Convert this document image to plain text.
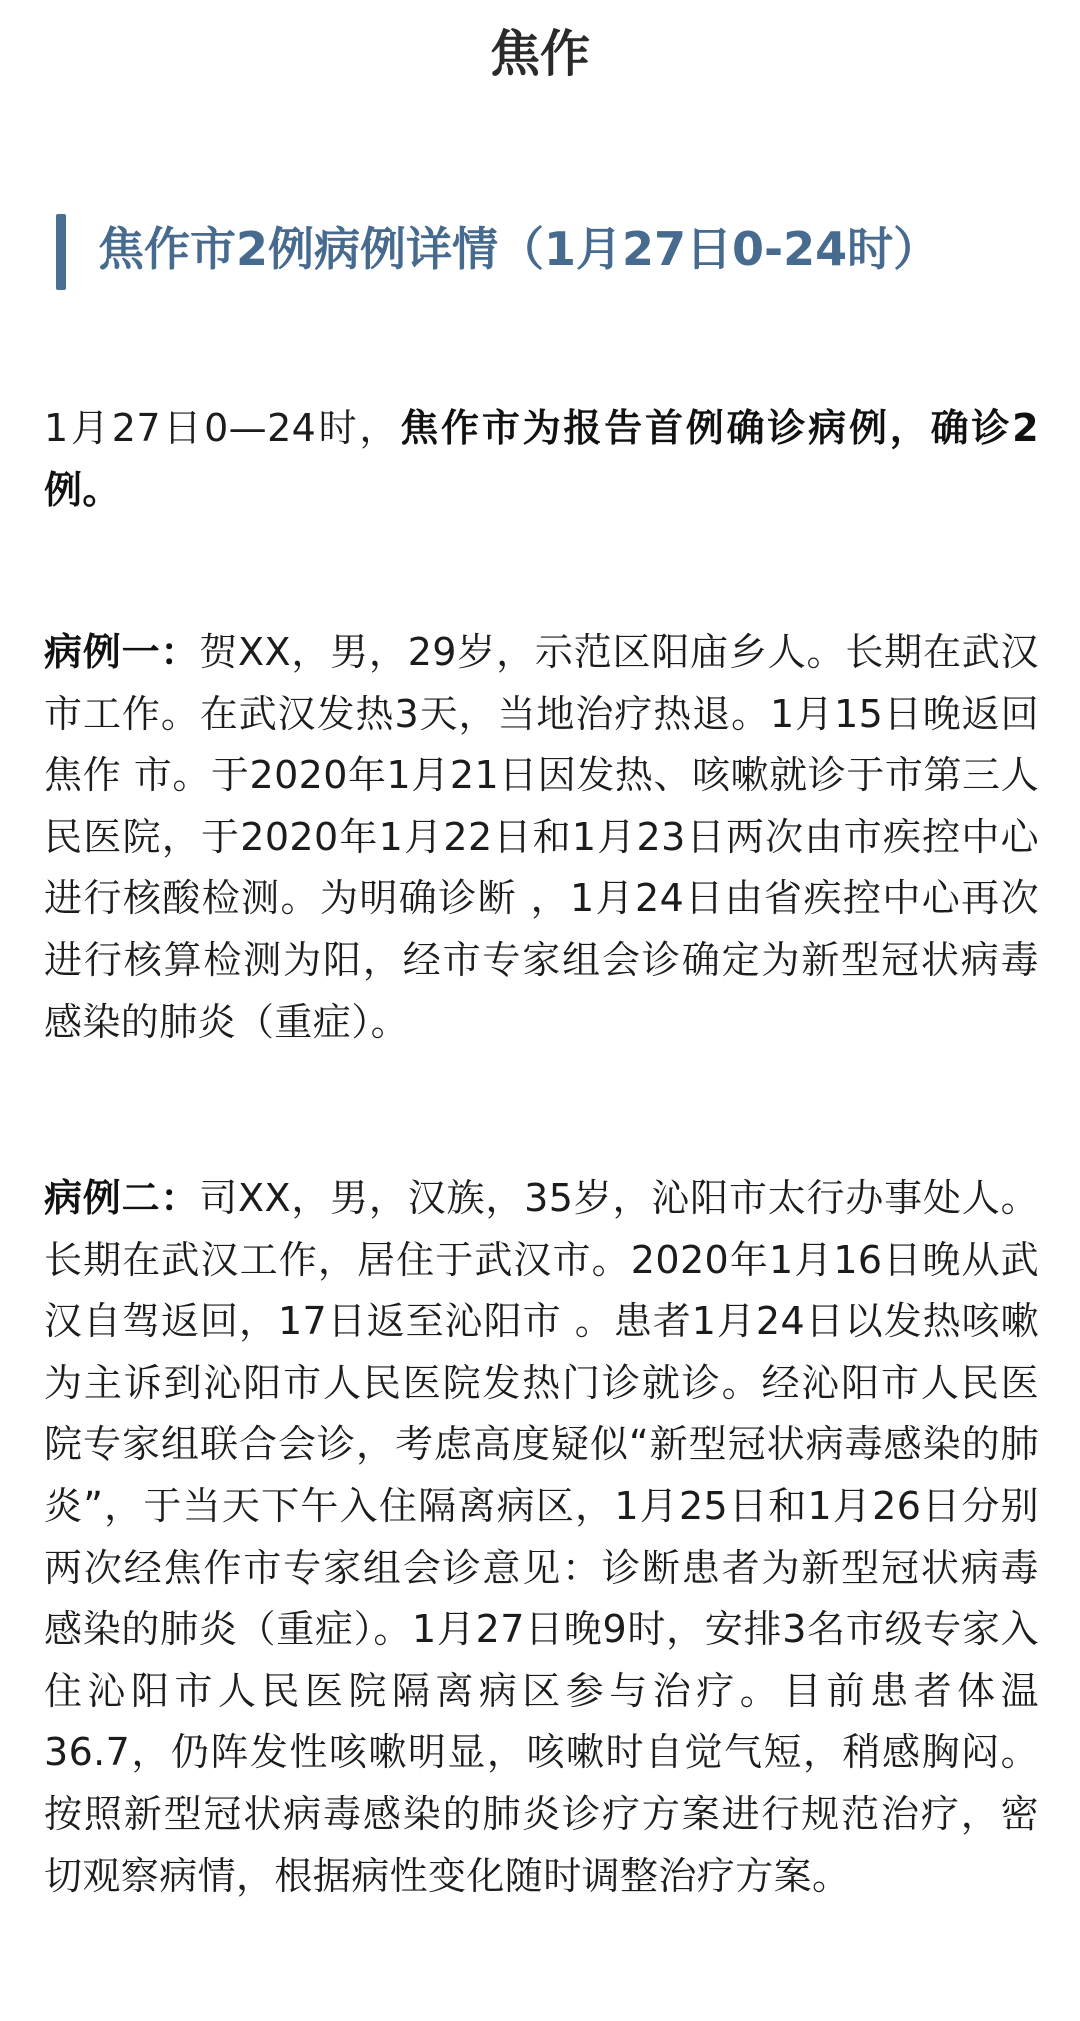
焦作
焦作市2例病例详情（1月27日0-24时）
1月27日0—24时，焦作市为报告首例确诊病例，确诊2例。
病例一：贺XX，男，29岁，示范区阳庙乡人。长期在武汉市工作。在武汉发热3天，当地治疗热退。1月15日晚返回焦作 市。于2020年1月21日因发热、咳嗽就诊于市第三人民医院，于2020年1月22日和1月23日两次由市疾控中心进行核酸检测。为明确诊断 ，1月24日由省疾控中心再次进行核算检测为阳，经市专家组会诊确定为新型冠状病毒感染的肺炎（重症）。
病例二：司XX，男，汉族，35岁，沁阳市太行办事处人。长期在武汉工作，居住于武汉市。2020年1月16日晚从武汉自驾返回，17日返至沁阳市 。患者1月24日以发热咳嗽为主诉到沁阳市人民医院发热门诊就诊。经沁阳市人民医院专家组联合会诊，考虑高度疑似“新型冠状病毒感染的肺炎”，于当天下午入住隔离病区，1月25日和1月26日分别两次经焦作市专家组会诊意见：诊断患者为新型冠状病毒感染的肺炎（重症）。1月27日晚9时，安排3名市级专家入住沁阳市人民医院隔离病区参与治疗。目前患者体温36.7，仍阵发性咳嗽明显，咳嗽时自觉气短，稍感胸闷。按照新型冠状病毒感染的肺炎诊疗方案进行规范治疗，密切观察病情，根据病性变化随时调整治疗方案。
